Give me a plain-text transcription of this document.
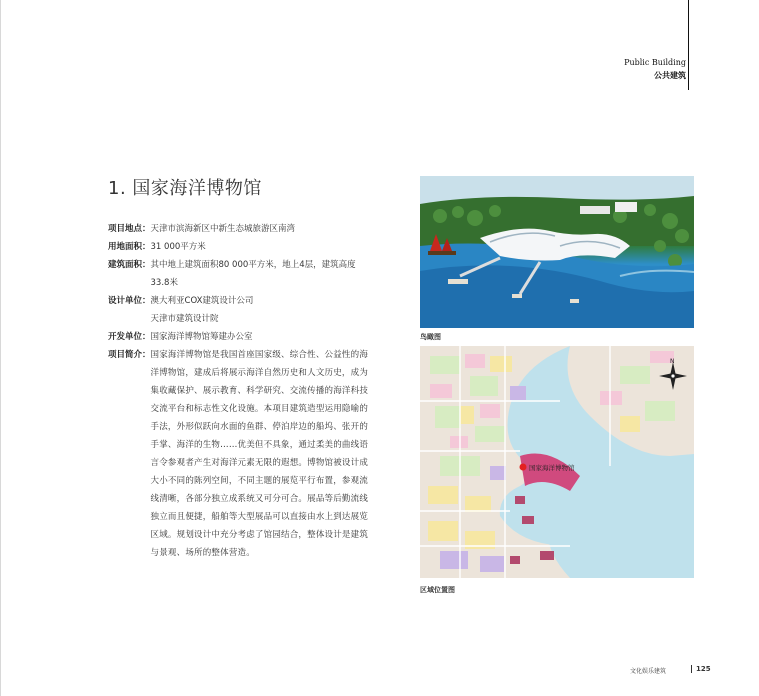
Public Building
公共建筑
1. 国家海洋博物馆
项目地点： 天津市滨海新区中新生态城旅游区南湾
用地面积： 31 000平方米
建筑面积： 其中地上建筑面积80 000平方米，地上4层，建筑高度
33.8米
设计单位： 澳大利亚COX建筑设计公司
天津市建筑设计院
开发单位： 国家海洋博物馆筹建办公室
项目简介： 国家海洋博物馆是我国首座国家级、综合性、公益性的海
洋博物馆，建成后将展示海洋自然历史和人文历史，成为
集收藏保护、展示教育、科学研究、交流传播的海洋科技
交流平台和标志性文化设施。本项目建筑造型运用隐喻的
手法，外形似跃向水面的鱼群、停泊岸边的船坞、张开的
手掌、海洋的生物……优美但不具象，通过柔美的曲线语
言令参观者产生对海洋元素无限的遐想。博物馆被设计成
大小不同的陈列空间，不同主题的展览平行布置，参观流
线清晰，各部分独立成系统又可分可合。展品等后勤流线
独立而且便捷，船舶等大型展品可以直接由水上到达展览
区域。规划设计中充分考虑了馆园结合，整体设计是建筑
与景观、场所的整体营造。
鸟瞰图
N
国家海洋博物馆
区域位置图
文化娱乐建筑	125
